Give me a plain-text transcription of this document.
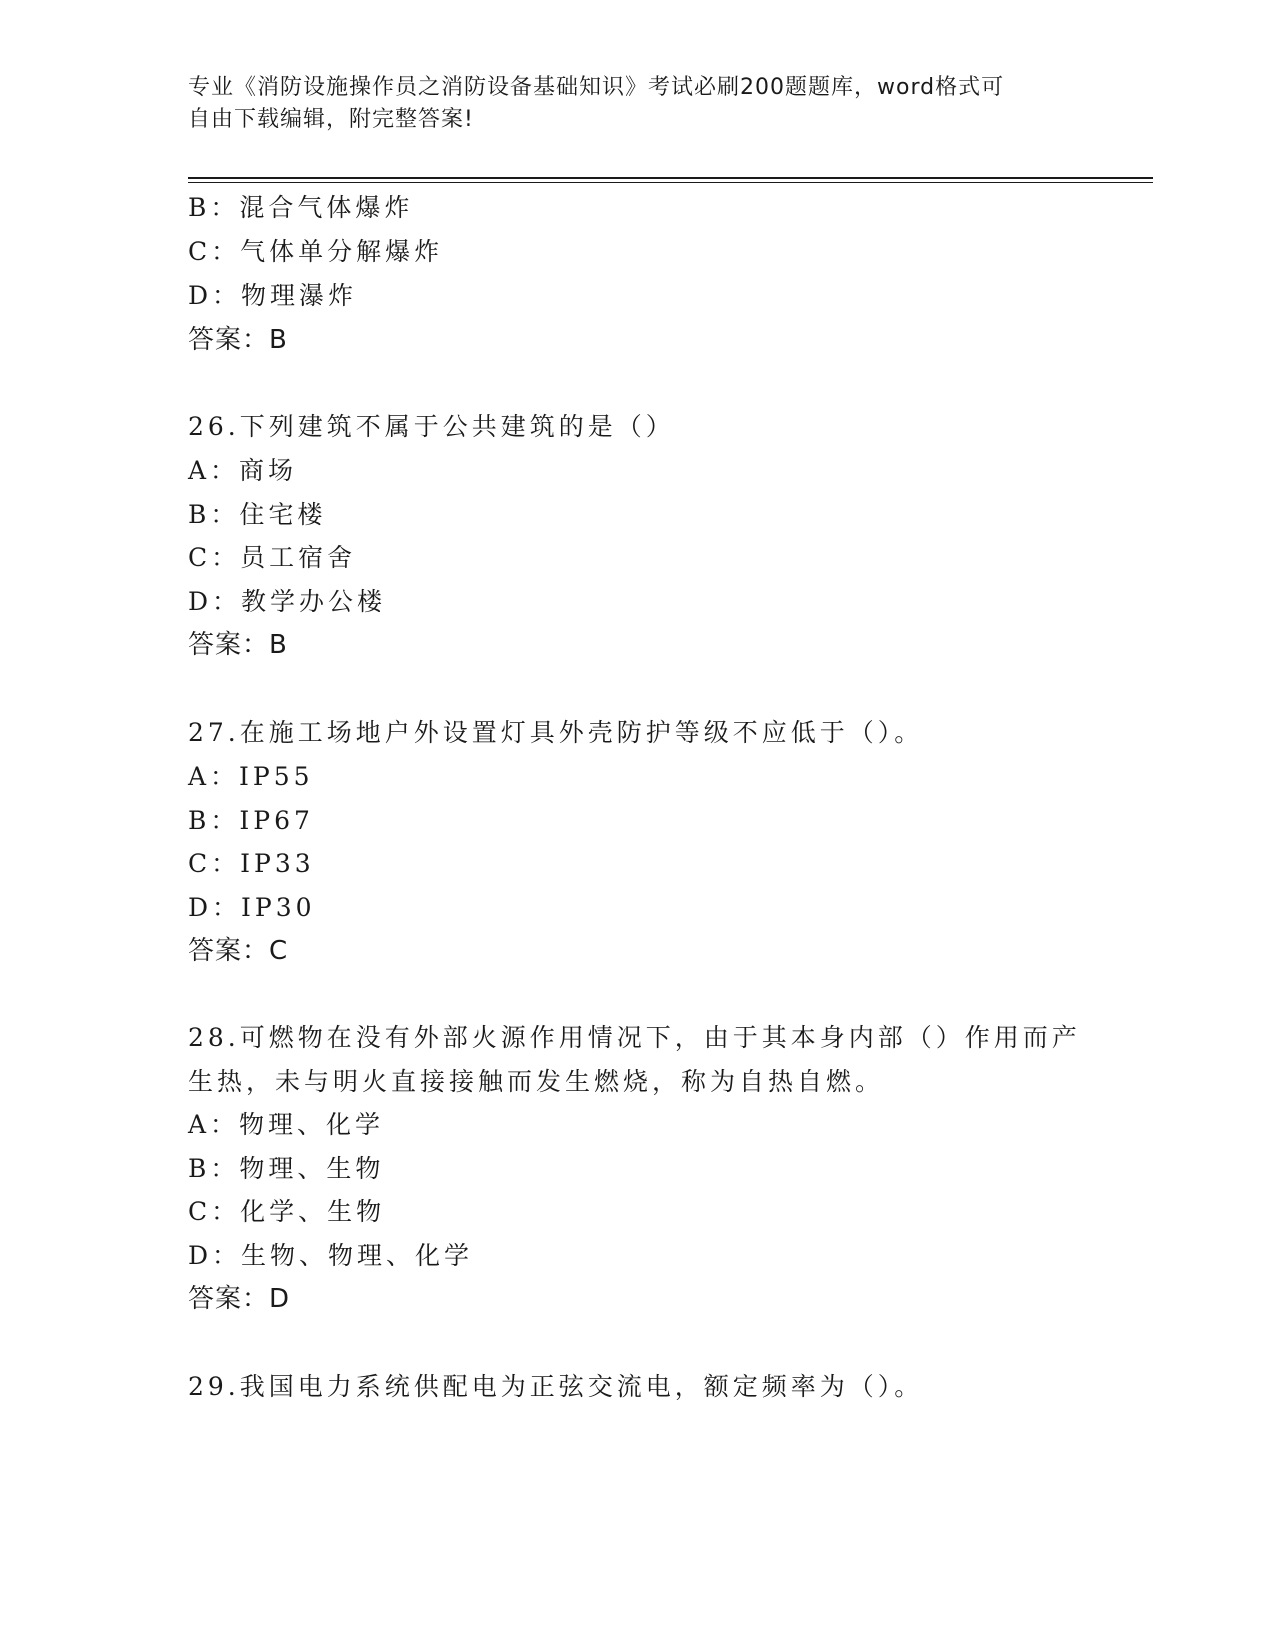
专业《消防设施操作员之消防设备基础知识》考试必刷200题题库，word格式可
自由下载编辑，附完整答案!
B：混合气体爆炸
C：气体单分解爆炸
D：物理瀑炸
答案：B
26.下列建筑不属于公共建筑的是（）
A：商场
B：住宅楼
C：员工宿舍
D：教学办公楼
答案：B
27.在施工场地户外设置灯具外壳防护等级不应低于（）。
A：IP55
B：IP67
C：IP33
D：IP30
答案：C
28.可燃物在没有外部火源作用情况下，由于其本身内部（）作用而产
生热，未与明火直接接触而发生燃烧，称为自热自燃。
A：物理、化学
B：物理、生物
C：化学、生物
D：生物、物理、化学
答案：D
29.我国电力系统供配电为正弦交流电，额定频率为（）。
